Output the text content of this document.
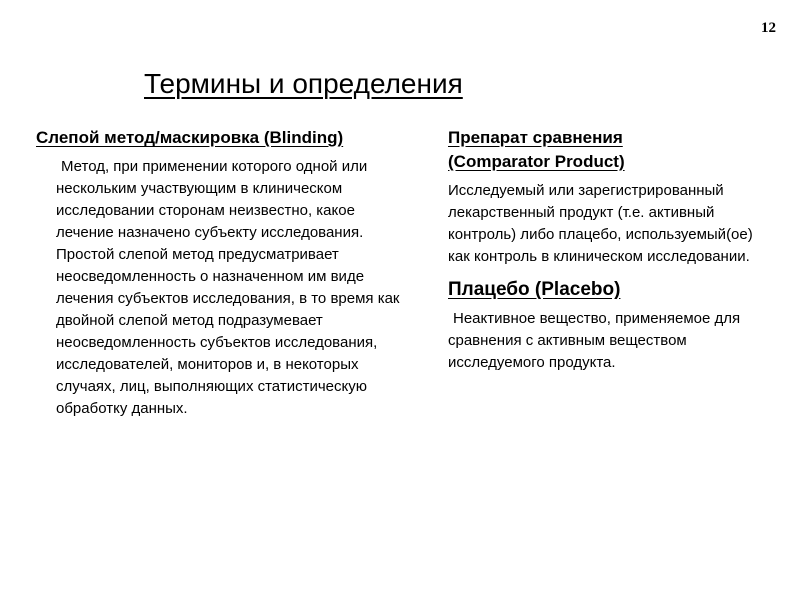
12
Термины и определения

Слепой метод/маскировка (Blinding)

Метод, при применении которого одной или нескольким участвующим в клиническом исследовании сторонам неизвестно, какое лечение назначено субъекту исследования. Простой слепой метод предусматривает неосведомленность о назначенном им виде лечения субъектов исследования, в то время как двойной слепой метод подразумевает неосведомленность субъектов исследования, исследователей, мониторов и, в некоторых случаях, лиц, выполняющих статистическую обработку данных.

Препарат сравнения

(Comparator Product)

Исследуемый или зарегистрированный лекарственный продукт (т.е. активный контроль) либо плацебо, используемый(ое) как контроль в клиническом исследовании.

Плацебо (Placebo)

Неактивное вещество, применяемое для сравнения с активным веществом исследуемого продукта.
